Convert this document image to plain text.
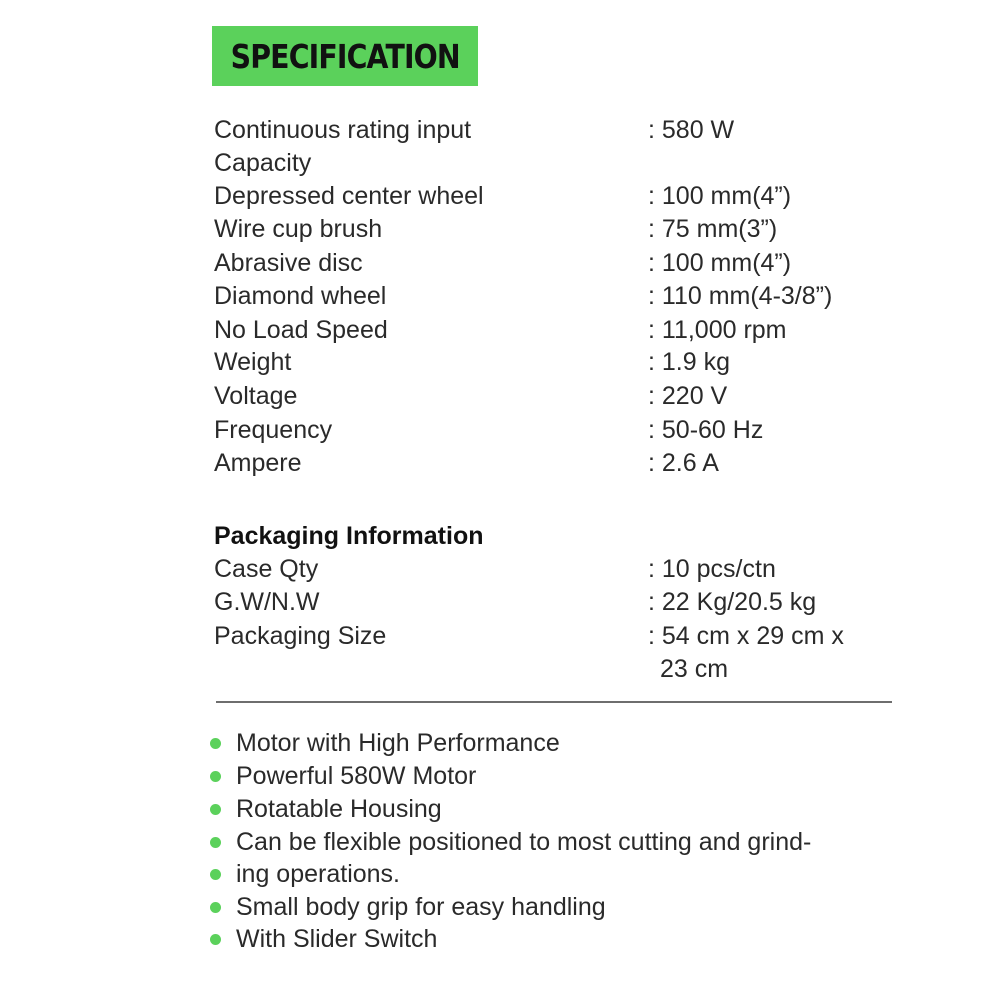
SPECIFICATION
Continuous rating input	: 580 W
Capacity
Depressed center wheel	: 100 mm(4”)
Wire cup brush	: 75 mm(3”)
Abrasive disc	: 100 mm(4”)
Diamond wheel	: 110 mm(4-3/8”)
No Load Speed	: 11,000 rpm
Weight	: 1.9 kg
Voltage	: 220 V
Frequency	: 50-60 Hz
Ampere	: 2.6 A
Packaging Information
Case Qty	: 10 pcs/ctn
G.W/N.W	: 22 Kg/20.5 kg
Packaging Size	: 54 cm x 29 cm x
23 cm
Motor with High Performance
Powerful 580W Motor
Rotatable Housing
Can be flexible positioned to most cutting and grind-
ing operations.
Small body grip for easy handling
With Slider Switch
